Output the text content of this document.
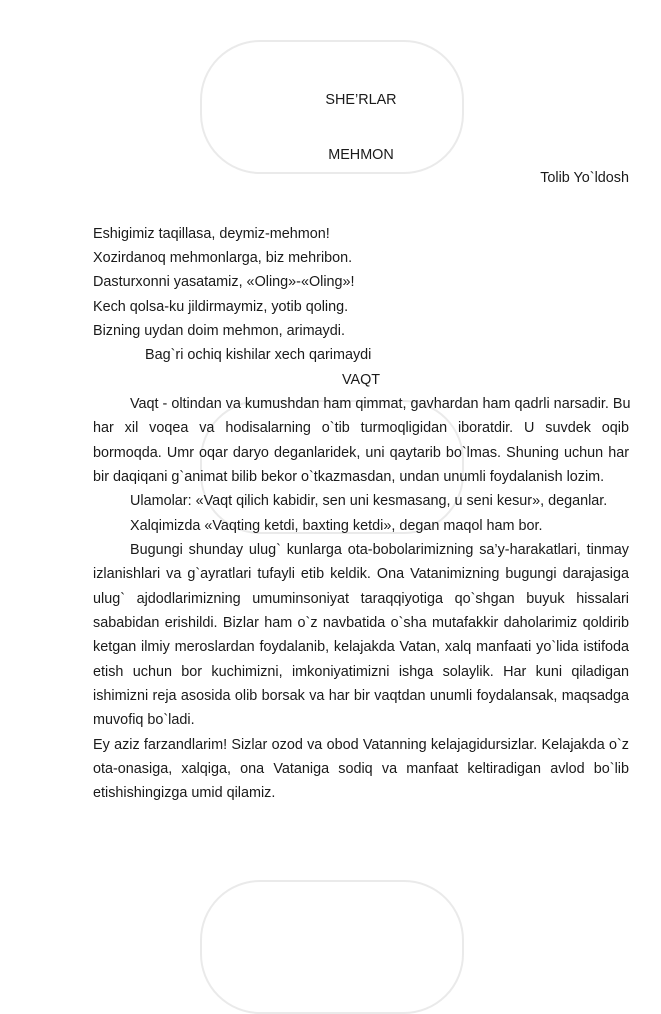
SHE’RLAR
MEHMON
Tolib Yo`ldosh
Eshigimiz taqillasa, deymiz-mehmon!
Xozirdanoq mehmonlarga, biz mehribon.
Dasturxonni yasatamiz, «Oling»-«Oling»!
Kech qolsa-ku jildirmaymiz, yotib qoling.
Bizning uydan doim mehmon, arimaydi.
Bag`ri ochiq kishilar xech qarimaydi
VAQT
Vaqt - oltindan va kumushdan ham qimmat, gavhardan ham qadrli narsadir. Bu
har xil voqea va hodisalarning o`tib turmoqligidan iboratdir. U suvdek oqib
bormoqda. Umr oqar daryo deganlaridek, uni qaytarib bo`lmas. Shuning uchun har
bir daqiqani g`animat bilib bekor o`tkazmasdan, undan unumli foydalanish lozim.
Ulamolar: «Vaqt qilich kabidir, sen uni kesmasang, u seni kesur», deganlar.
Xalqimizda «Vaqting ketdi, baxting ketdi», degan maqol ham bor.
Bugungi shunday ulug` kunlarga ota-bobolarimizning sa’y-harakatlari, tinmay
izlanishlari va g`ayratlari tufayli etib keldik. Ona Vatanimizning bugungi darajasiga
ulug` ajdodlarimizning umuminsoniyat taraqqiyotiga qo`shgan buyuk hissalari
sababidan erishildi. Bizlar ham o`z navbatida o`sha mutafakkir daholarimiz qoldirib
ketgan ilmiy meroslardan foydalanib, kelajakda Vatan, xalq manfaati yo`lida istifoda
etish uchun bor kuchimizni, imkoniyatimizni ishga solaylik. Har kuni qiladigan
ishimizni reja asosida olib borsak va har bir vaqtdan unumli foydalansak, maqsadga
muvofiq bo`ladi.
Ey aziz farzandlarim! Sizlar ozod va obod Vatanning kelajagidursizlar. Kelajakda o`z
ota-onasiga, xalqiga, ona Vataniga sodiq va manfaat keltiradigan avlod bo`lib
etishishingizga umid qilamiz.
